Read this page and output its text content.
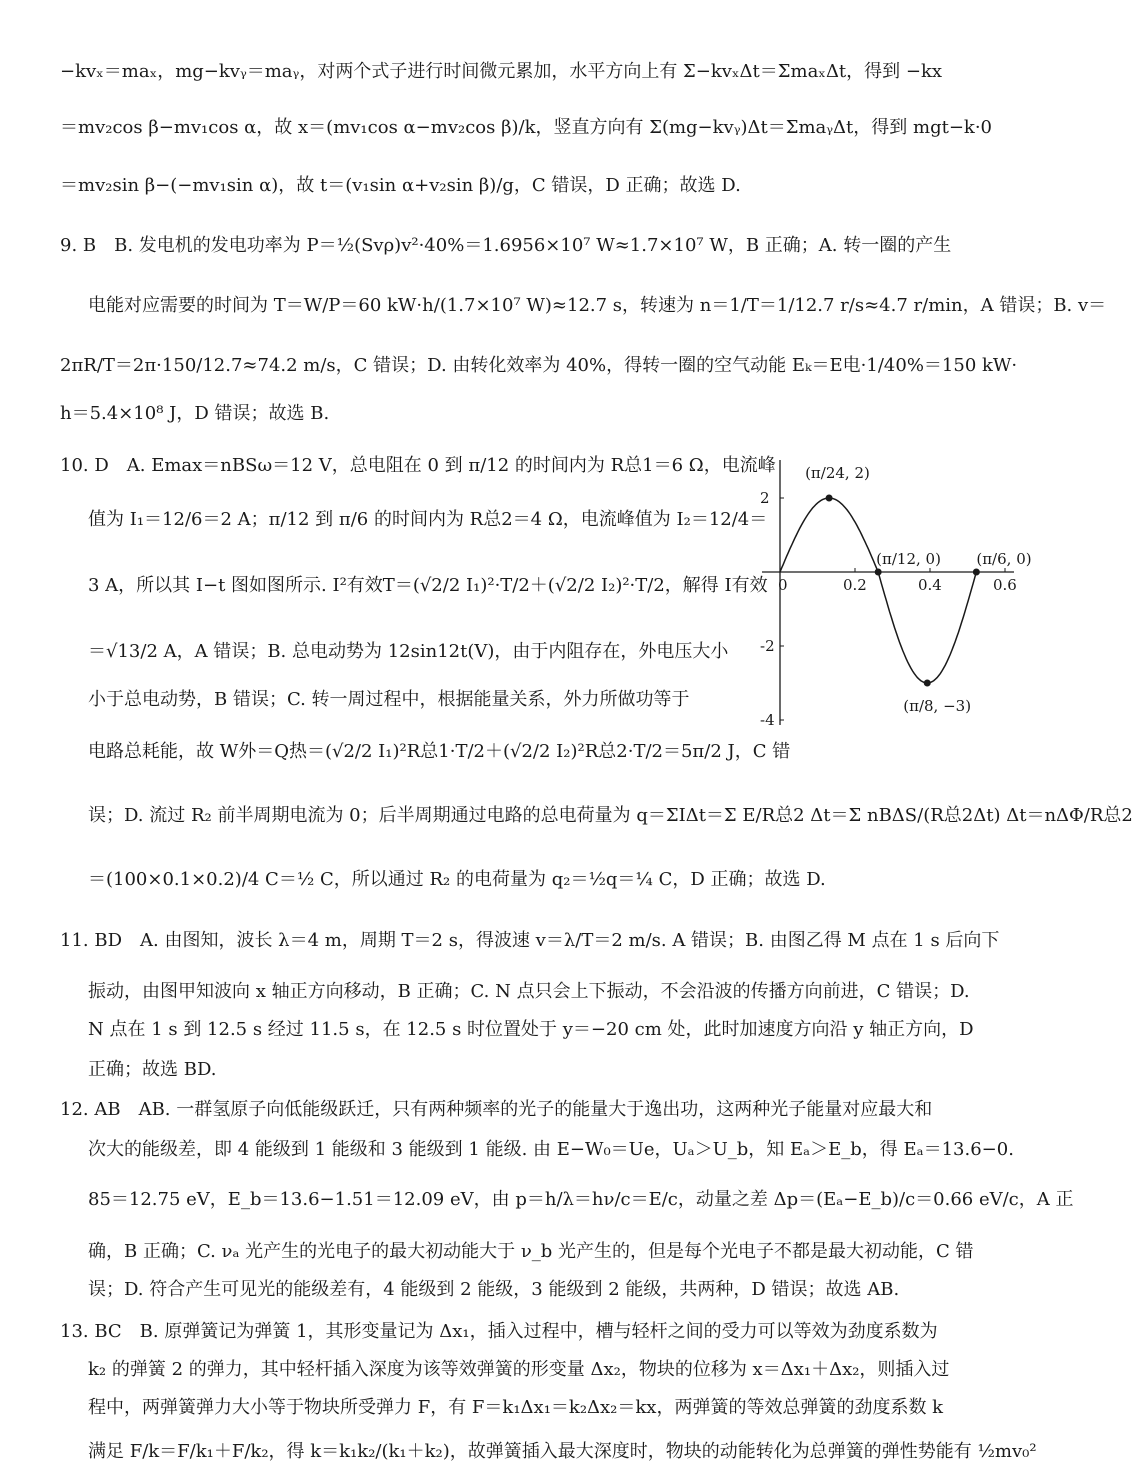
−kvₓ＝maₓ，mg−kvᵧ＝maᵧ，对两个式子进行时间微元累加，水平方向上有 Σ−kvₓΔt＝ΣmaₓΔt，得到 −kx
＝mv₂cos β−mv₁cos α，故 x＝(mv₁cos α−mv₂cos β)/k，竖直方向有 Σ(mg−kvᵧ)Δt＝ΣmaᵧΔt，得到 mgt−k·0
＝mv₂sin β−(−mv₁sin α)，故 t＝(v₁sin α+v₂sin β)/g，C 错误，D 正确；故选 D.
9. B　B. 发电机的发电功率为 P＝½(Svρ)v²·40%＝1.6956×10⁷ W≈1.7×10⁷ W，B 正确；A. 转一圈的产生
电能对应需要的时间为 T＝W/P＝60 kW·h/(1.7×10⁷ W)≈12.7 s，转速为 n＝1/T＝1/12.7 r/s≈4.7 r/min，A 错误；B. v＝
2πR/T＝2π·150/12.7≈74.2 m/s，C 错误；D. 由转化效率为 40%，得转一圈的空气动能 Eₖ＝E电·1/40%＝150 kW·
h＝5.4×10⁸ J，D 错误；故选 B.
10. D　A. Emax＝nBSω＝12 V，总电阻在 0 到 π/12 的时间内为 R总1＝6 Ω，电流峰
值为 I₁＝12/6＝2 A；π/12 到 π/6 的时间内为 R总2＝4 Ω，电流峰值为 I₂＝12/4＝
3 A，所以其 I−t 图如图所示. I²有效T＝(√2/2 I₁)²·T/2＋(√2/2 I₂)²·T/2，解得 I有效
＝√13/2 A，A 错误；B. 总电动势为 12sin12t(V)，由于内阻存在，外电压大小
小于总电动势，B 错误；C. 转一周过程中，根据能量关系，外力所做功等于
电路总耗能，故 W外＝Q热＝(√2/2 I₁)²R总1·T/2＋(√2/2 I₂)²R总2·T/2＝5π/2 J，C 错
误；D. 流过 R₂ 前半周期电流为 0；后半周期通过电路的总电荷量为 q＝ΣIΔt＝Σ E/R总2 Δt＝Σ nBΔS/(R总2Δt) Δt＝nΔΦ/R总2
＝(100×0.1×0.2)/4 C＝½ C，所以通过 R₂ 的电荷量为 q₂＝½q＝¼ C，D 正确；故选 D.
11. BD　A. 由图知，波长 λ＝4 m，周期 T＝2 s，得波速 v＝λ/T＝2 m/s. A 错误；B. 由图乙得 M 点在 1 s 后向下
振动，由图甲知波向 x 轴正方向移动，B 正确；C. N 点只会上下振动，不会沿波的传播方向前进，C 错误；D.
N 点在 1 s 到 12.5 s 经过 11.5 s，在 12.5 s 时位置处于 y＝−20 cm 处，此时加速度方向沿 y 轴正方向，D
正确；故选 BD.
12. AB　AB. 一群氢原子向低能级跃迁，只有两种频率的光子的能量大于逸出功，这两种光子能量对应最大和
次大的能级差，即 4 能级到 1 能级和 3 能级到 1 能级. 由 E−W₀＝Ue，Uₐ＞U_b，知 Eₐ＞E_b，得 Eₐ＝13.6−0.
85＝12.75 eV，E_b＝13.6−1.51＝12.09 eV，由 p＝h/λ＝hν/c＝E/c，动量之差 Δp＝(Eₐ−E_b)/c＝0.66 eV/c，A 正
确，B 正确；C. νₐ 光产生的光电子的最大初动能大于 ν_b 光产生的，但是每个光电子不都是最大初动能，C 错
误；D. 符合产生可见光的能级差有，4 能级到 2 能级，3 能级到 2 能级，共两种，D 错误；故选 AB.
13. BC　B. 原弹簧记为弹簧 1，其形变量记为 Δx₁，插入过程中，槽与轻杆之间的受力可以等效为劲度系数为
k₂ 的弹簧 2 的弹力，其中轻杆插入深度为该等效弹簧的形变量 Δx₂，物块的位移为 x＝Δx₁＋Δx₂，则插入过
程中，两弹簧弹力大小等于物块所受弹力 F，有 F＝k₁Δx₁＝k₂Δx₂＝kx，两弹簧的等效总弹簧的劲度系数 k
满足 F/k＝F/k₁＋F/k₂，得 k＝k₁k₂/(k₁＋k₂)，故弹簧插入最大深度时，物块的动能转化为总弹簧的弹性势能有 ½mv₀²
0	0.2	0.4	0.6
2
-2
-4
(π/24, 2)
(π/12, 0) (π/6, 0)
(π/8, −3)
